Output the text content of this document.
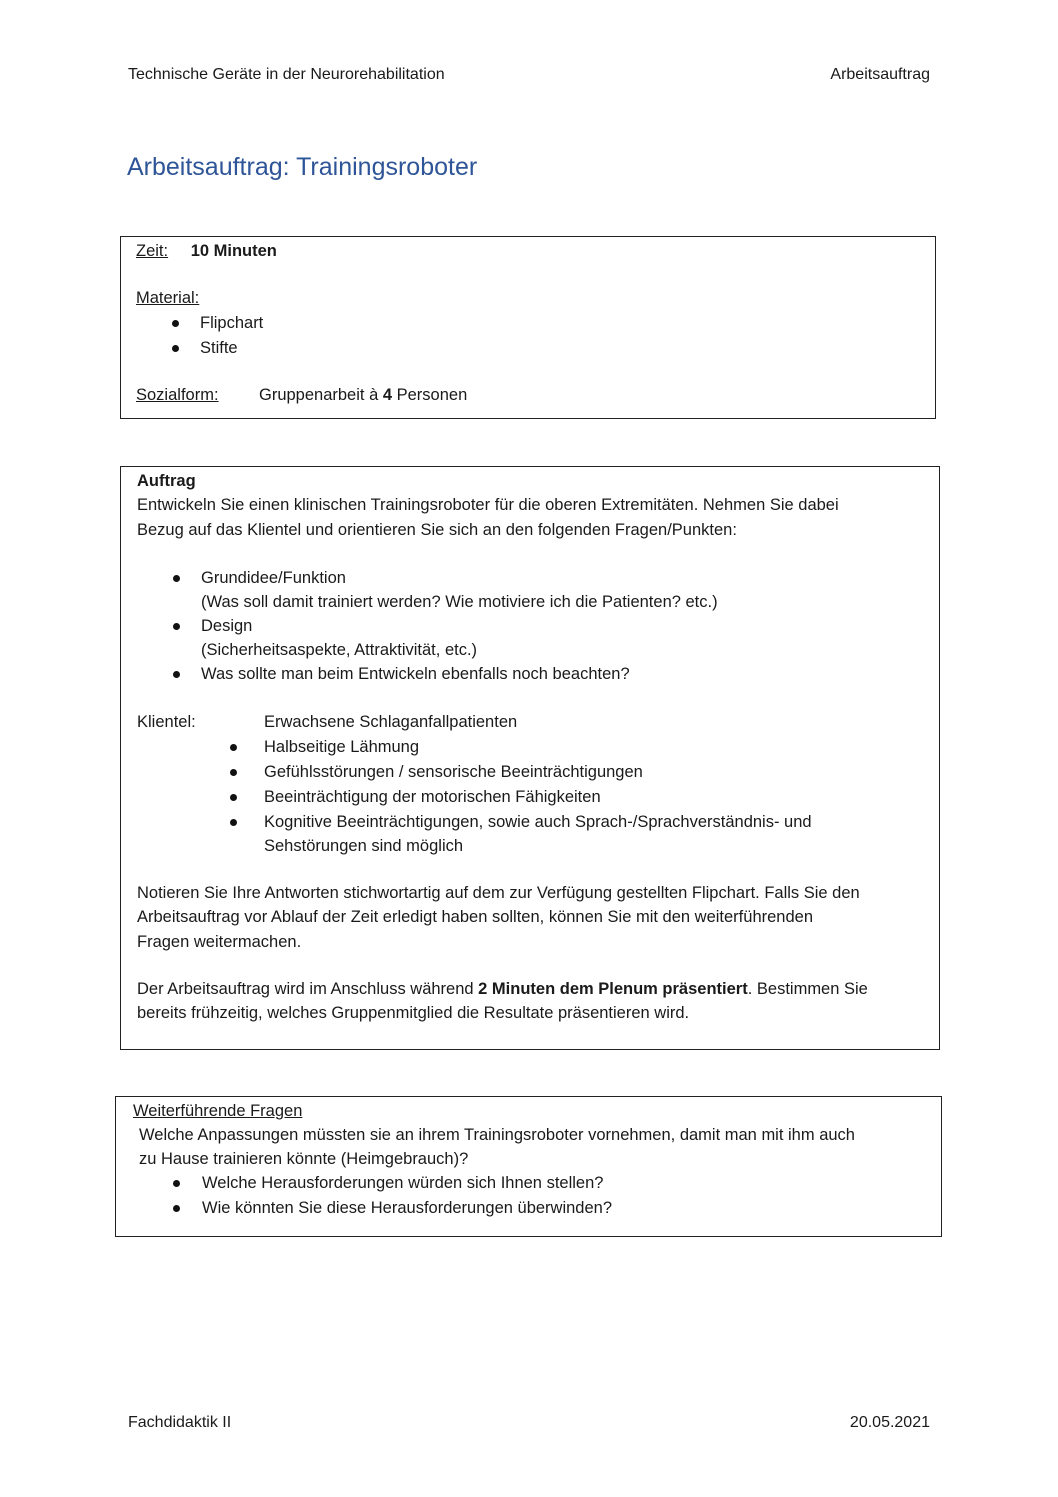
Technische Geräte in der Neurorehabilitation	Arbeitsauftrag
Arbeitsauftrag: Trainingsroboter
Zeit: 10 Minuten
Material:
Flipchart
Stifte
Sozialform: Gruppenarbeit à 4 Personen
Auftrag
Entwickeln Sie einen klinischen Trainingsroboter für die oberen Extremitäten. Nehmen Sie dabei
Bezug auf das Klientel und orientieren Sie sich an den folgenden Fragen/Punkten:
Grundidee/Funktion
(Was soll damit trainiert werden? Wie motiviere ich die Patienten? etc.)
Design
(Sicherheitsaspekte, Attraktivität, etc.)
Was sollte man beim Entwickeln ebenfalls noch beachten?
Klientel:	Erwachsene Schlaganfallpatienten
Halbseitige Lähmung
Gefühlsstörungen / sensorische Beeinträchtigungen
Beeinträchtigung der motorischen Fähigkeiten
Kognitive Beeinträchtigungen, sowie auch Sprach-/Sprachverständnis- und
Sehstörungen sind möglich
Notieren Sie Ihre Antworten stichwortartig auf dem zur Verfügung gestellten Flipchart. Falls Sie den
Arbeitsauftrag vor Ablauf der Zeit erledigt haben sollten, können Sie mit den weiterführenden
Fragen weitermachen.
Der Arbeitsauftrag wird im Anschluss während 2 Minuten dem Plenum präsentiert. Bestimmen Sie
bereits frühzeitig, welches Gruppenmitglied die Resultate präsentieren wird.
Weiterführende Fragen
Welche Anpassungen müssten sie an ihrem Trainingsroboter vornehmen, damit man mit ihm auch
zu Hause trainieren könnte (Heimgebrauch)?
Welche Herausforderungen würden sich Ihnen stellen?
Wie könnten Sie diese Herausforderungen überwinden?
Fachdidaktik II	20.05.2021
